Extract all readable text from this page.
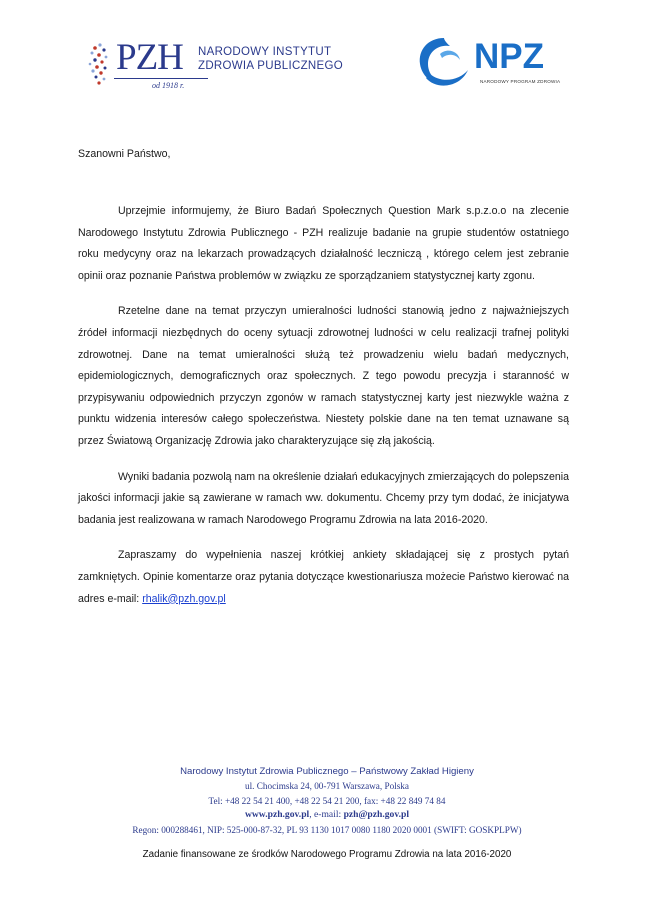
PZH
od 1918 r.
NARODOWY INSTYTUT
ZDROWIA PUBLICZNEGO	NPZ
NARODOWY PROGRAM ZDROWIA
Szanowni Państwo,

Uprzejmie informujemy, że Biuro Badań Społecznych Question Mark s.p.z.o.o na zlecenie Narodowego Instytutu Zdrowia Publicznego - PZH realizuje badanie na grupie studentów ostatniego roku medycyny oraz na lekarzach prowadzących działalność leczniczą , którego celem jest zebranie opinii oraz poznanie Państwa problemów w związku ze sporządzaniem statystycznej karty zgonu.

Rzetelne dane na temat przyczyn umieralności ludności stanowią jedno z najważniejszych źródeł informacji niezbędnych do oceny sytuacji zdrowotnej ludności w celu realizacji trafnej polityki zdrowotnej. Dane na temat umieralności służą też prowadzeniu wielu badań medycznych, epidemiologicznych, demograficznych oraz społecznych. Z tego powodu precyzja i staranność w przypisywaniu odpowiednich przyczyn zgonów w ramach statystycznej karty jest niezwykle ważna z punktu widzenia interesów całego społeczeństwa. Niestety polskie dane na ten temat uznawane są przez Światową Organizację Zdrowia jako charakteryzujące się złą jakością.

Wyniki badania pozwolą nam na określenie działań edukacyjnych zmierzających do polepszenia jakości informacji jakie są zawierane w ramach ww. dokumentu. Chcemy przy tym dodać, że inicjatywa badania jest realizowana w ramach Narodowego Programu Zdrowia na lata 2016-2020.

Zapraszamy do wypełnienia naszej krótkiej ankiety składającej się z prostych pytań zamkniętych. Opinie komentarze oraz pytania dotyczące kwestionariusza możecie Państwo kierować na adres e-mail: rhalik@pzh.gov.pl

Narodowy Instytut Zdrowia Publicznego – Państwowy Zakład Higieny
ul. Chocimska 24, 00-791 Warszawa, Polska
Tel: +48 22 54 21 400, +48 22 54 21 200, fax: +48 22 849 74 84
www.pzh.gov.pl, e-mail: pzh@pzh.gov.pl
Regon: 000288461, NIP: 525-000-87-32, PL 93 1130 1017 0080 1180 2020 0001 (SWIFT: GOSKPLPW)
Zadanie finansowane ze środków Narodowego Programu Zdrowia na lata 2016-2020
